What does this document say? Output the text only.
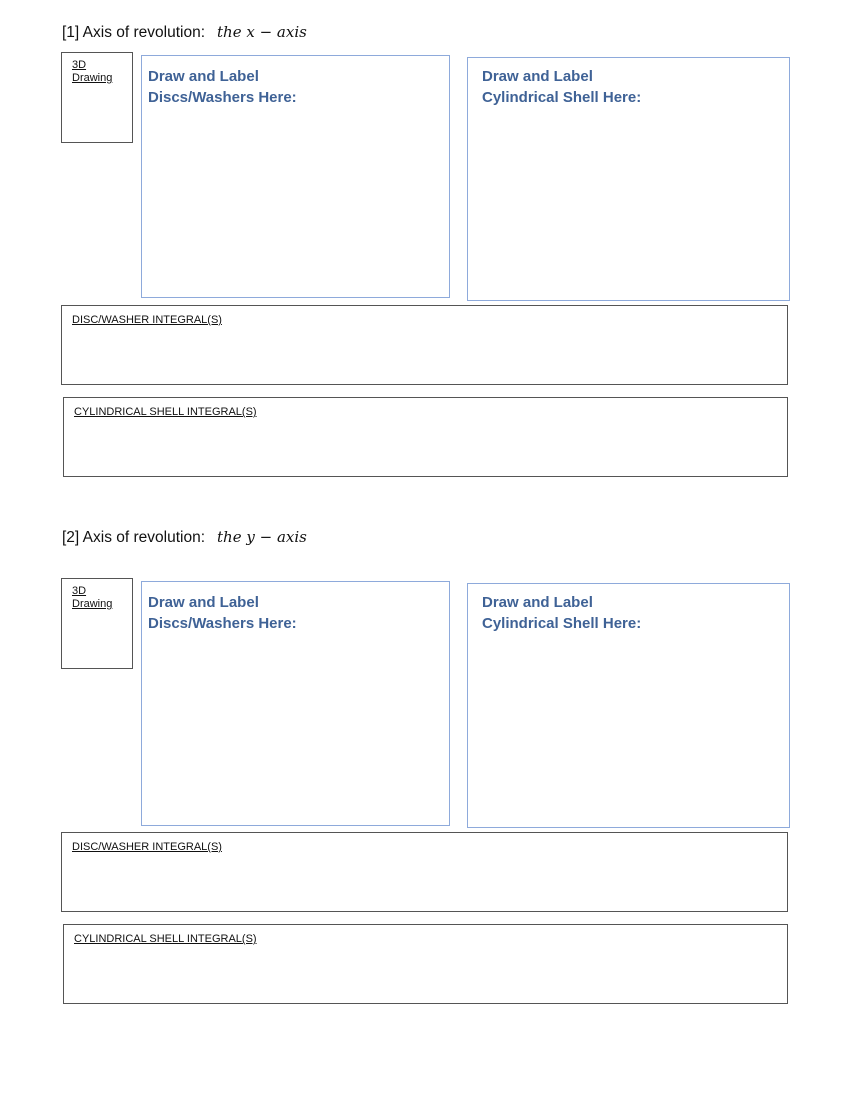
[1] Axis of revolution: the x − axis
3D
Drawing Draw and Label
Discs/Washers Here:
Draw and Label
Cylindrical Shell Here:
DISC/WASHER INTEGRAL(S)
CYLINDRICAL SHELL INTEGRAL(S)
[2] Axis of revolution: the y − axis
3D
Drawing Draw and Label
Discs/Washers Here:
Draw and Label
Cylindrical Shell Here:
DISC/WASHER INTEGRAL(S)
CYLINDRICAL SHELL INTEGRAL(S)
